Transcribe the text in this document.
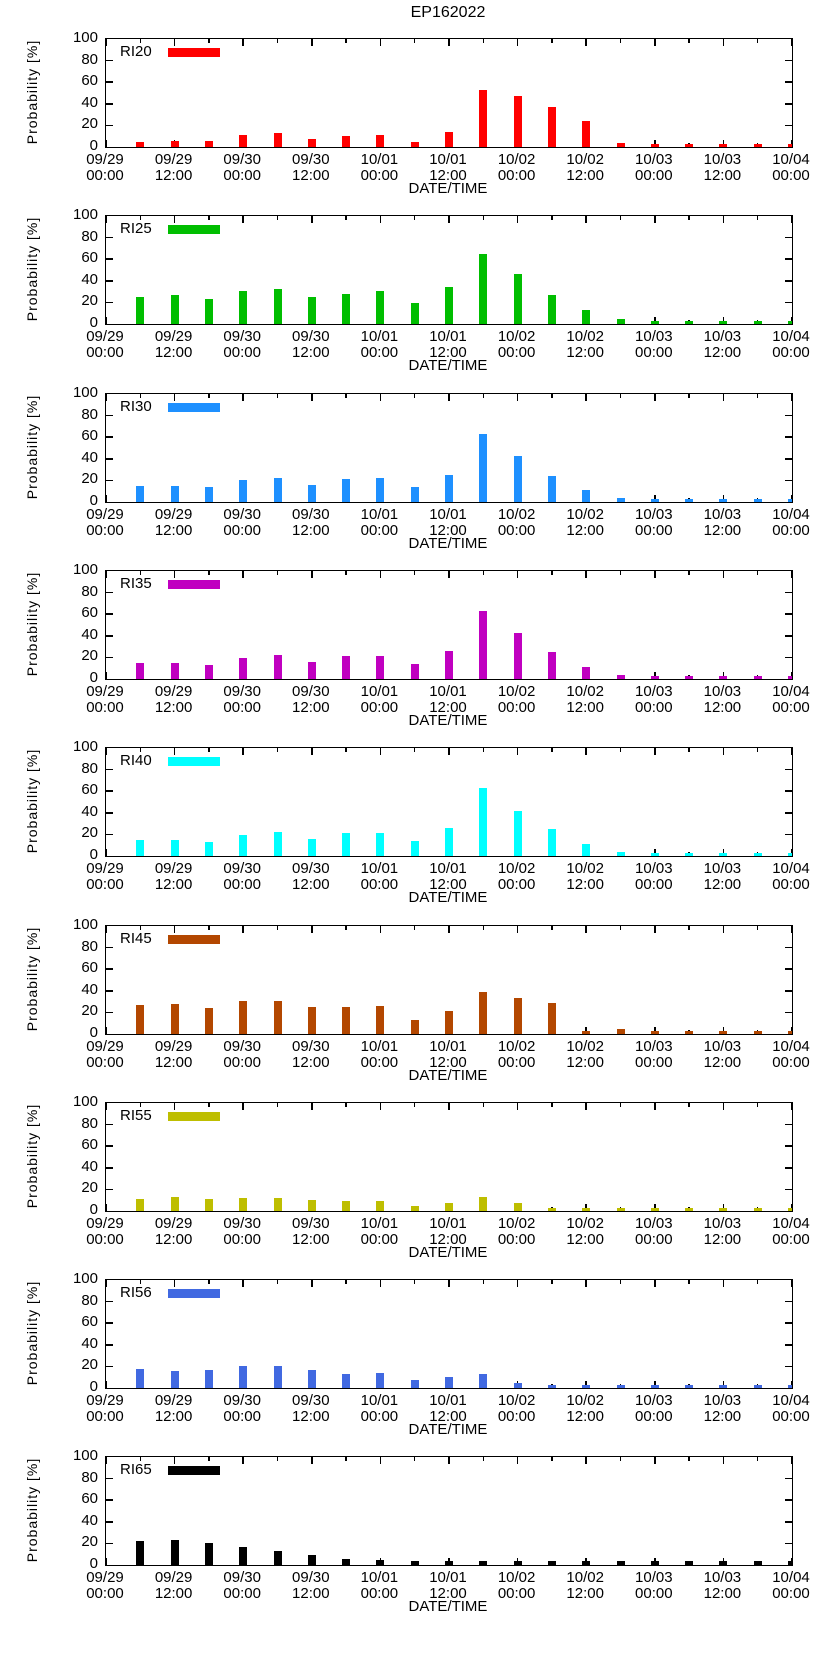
EP162022
Probability [%]	RI20
DATE/TIME
100
80
60
40
20
0
09/29
00:00
09/29
12:00
09/30
00:00
09/30
12:00
10/01
00:00
10/01
12:00
10/02
00:00
10/02
12:00
10/03
00:00
10/03
12:00
10/04
00:00
Probability [%]	RI25
DATE/TIME
100
80
60
40
20
0
09/29
00:00
09/29
12:00
09/30
00:00
09/30
12:00
10/01
00:00
10/01
12:00
10/02
00:00
10/02
12:00
10/03
00:00
10/03
12:00
10/04
00:00
Probability [%]	RI30
DATE/TIME
100
80
60
40
20
0
09/29
00:00
09/29
12:00
09/30
00:00
09/30
12:00
10/01
00:00
10/01
12:00
10/02
00:00
10/02
12:00
10/03
00:00
10/03
12:00
10/04
00:00
Probability [%]	RI35
DATE/TIME
100
80
60
40
20
0
09/29
00:00
09/29
12:00
09/30
00:00
09/30
12:00
10/01
00:00
10/01
12:00
10/02
00:00
10/02
12:00
10/03
00:00
10/03
12:00
10/04
00:00
Probability [%]	RI40
DATE/TIME
100
80
60
40
20
0
09/29
00:00
09/29
12:00
09/30
00:00
09/30
12:00
10/01
00:00
10/01
12:00
10/02
00:00
10/02
12:00
10/03
00:00
10/03
12:00
10/04
00:00
Probability [%]	RI45
DATE/TIME
100
80
60
40
20
0
09/29
00:00
09/29
12:00
09/30
00:00
09/30
12:00
10/01
00:00
10/01
12:00
10/02
00:00
10/02
12:00
10/03
00:00
10/03
12:00
10/04
00:00
Probability [%]	RI55
DATE/TIME
100
80
60
40
20
0
09/29
00:00
09/29
12:00
09/30
00:00
09/30
12:00
10/01
00:00
10/01
12:00
10/02
00:00
10/02
12:00
10/03
00:00
10/03
12:00
10/04
00:00
Probability [%]	RI56
DATE/TIME
100
80
60
40
20
0
09/29
00:00
09/29
12:00
09/30
00:00
09/30
12:00
10/01
00:00
10/01
12:00
10/02
00:00
10/02
12:00
10/03
00:00
10/03
12:00
10/04
00:00
Probability [%]	RI65
DATE/TIME
100
80
60
40
20
0
09/29
00:00
09/29
12:00
09/30
00:00
09/30
12:00
10/01
00:00
10/01
12:00
10/02
00:00
10/02
12:00
10/03
00:00
10/03
12:00
10/04
00:00
